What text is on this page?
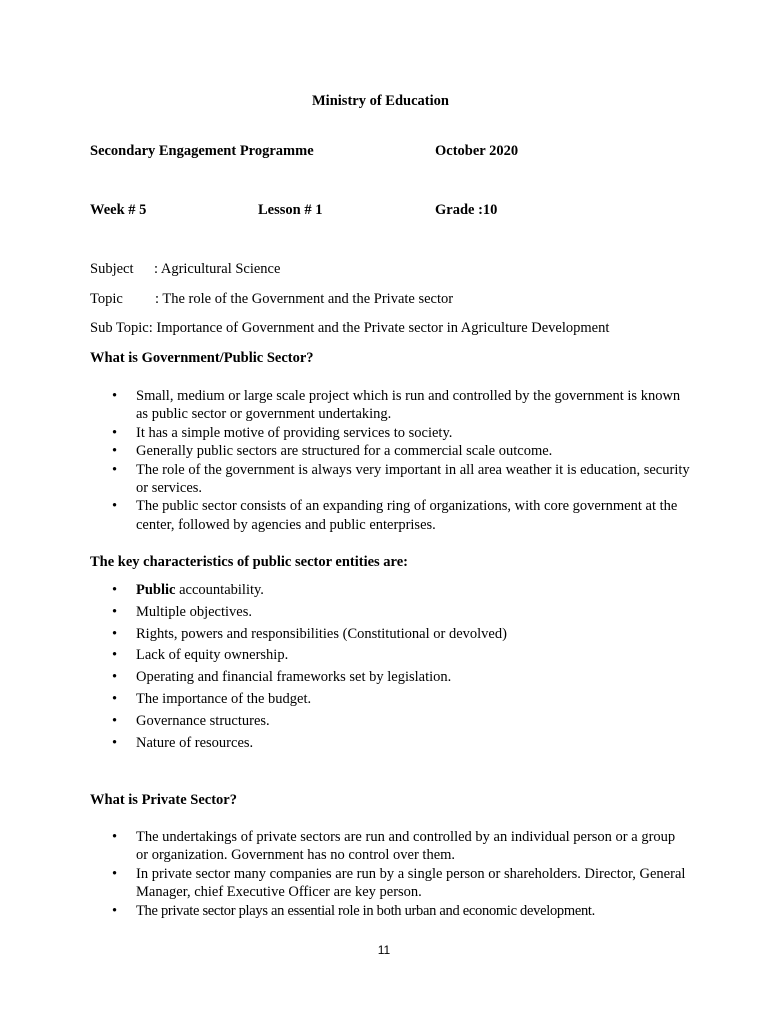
Ministry of Education
Secondary Engagement Programme	October 2020
Week # 5	Lesson # 1	Grade :10
Subject : Agricultural Science
Topic : The role of the Government and the Private sector
Sub Topic: Importance of Government and the Private sector in Agriculture Development
What is Government/Public Sector?
• Small, medium or large scale project which is run and controlled by the government is known as public sector or government undertaking.
• It has a simple motive of providing services to society.
• Generally public sectors are structured for a commercial scale outcome.
• The role of the government is always very important in all area weather it is education, security or services.
• The public sector consists of an expanding ring of organizations, with core government at the center, followed by agencies and public enterprises.
The key characteristics of public sector entities are:
• Public accountability.
• Multiple objectives.
• Rights, powers and responsibilities (Constitutional or devolved)
• Lack of equity ownership.
• Operating and financial frameworks set by legislation.
• The importance of the budget.
• Governance structures.
• Nature of resources.
What is Private Sector?
• The undertakings of private sectors are run and controlled by an individual person or a group or organization. Government has no control over them.
• In private sector many companies are run by a single person or shareholders. Director, General Manager, chief Executive Officer are key person.
• The private sector plays an essential role in both urban and economic development.
11
